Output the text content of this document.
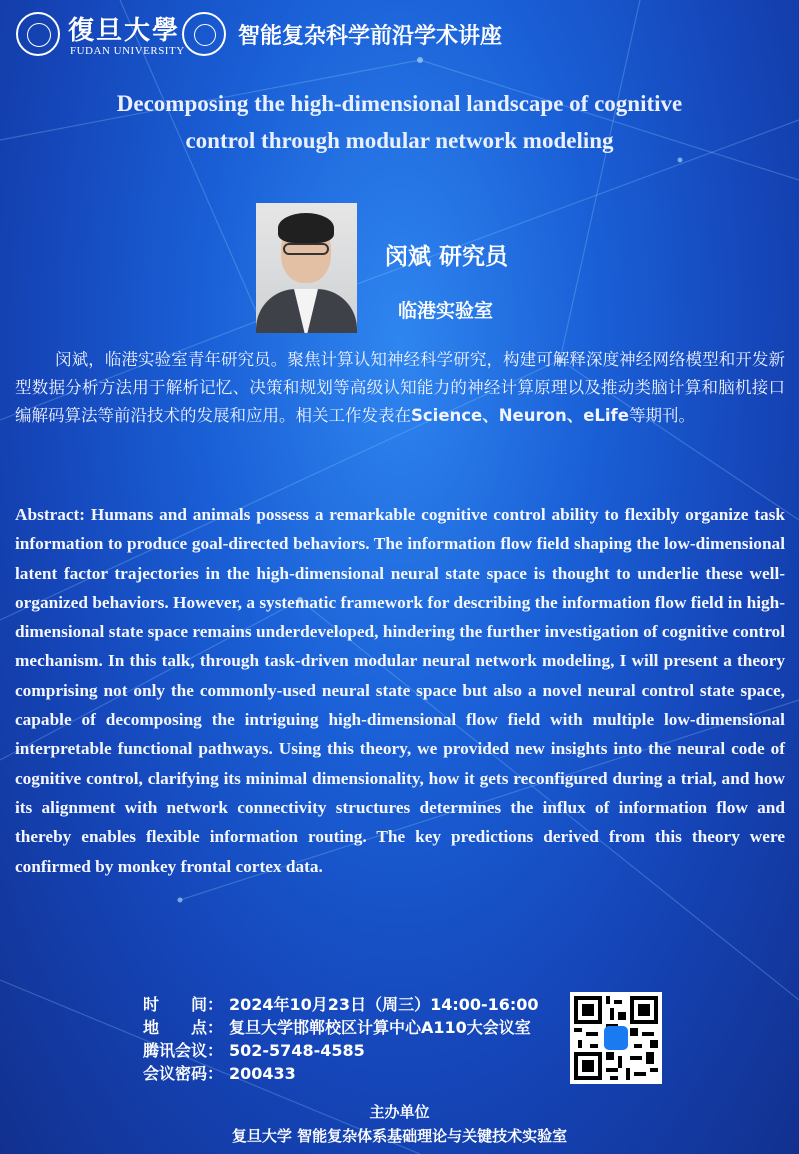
復旦大學
FUDAN UNIVERSITY
智能复杂科学前沿学术讲座
Decomposing the high-dimensional landscape of cognitive
control through modular network modeling
闵斌 研究员
临港实验室
闵斌，临港实验室青年研究员。聚焦计算认知神经科学研究，构建可解释深度神经网络模型和开发新型数据分析方法用于解析记忆、决策和规划等高级认知能力的神经计算原理以及推动类脑计算和脑机接口编解码算法等前沿技术的发展和应用。相关工作发表在Science、Neuron、eLife等期刊。
Abstract: Humans and animals possess a remarkable cognitive control ability to flexibly organize task information to produce goal-directed behaviors. The information flow field shaping the low-dimensional latent factor trajectories in the high-dimensional neural state space is thought to underlie these well-organized behaviors. However, a systematic framework for describing the information flow field in high-dimensional state space remains underdeveloped, hindering the further investigation of cognitive control mechanism. In this talk, through task-driven modular neural network modeling, I will present a theory comprising not only the commonly-used neural state space but also a novel neural control state space, capable of decomposing the intriguing high-dimensional flow field with multiple low-dimensional interpretable functional pathways. Using this theory, we provided new insights into the neural code of cognitive control, clarifying its minimal dimensionality, how it gets reconfigured during a trial, and how its alignment with network connectivity structures determines the influx of information flow and thereby enables flexible information routing. The key predictions derived from this theory were confirmed by monkey frontal cortex data.
时　　间： 2024年10月23日（周三）14:00-16:00
地　　点： 复旦大学邯郸校区计算中心A110大会议室
腾讯会议： 502-5748-4585
会议密码： 200433
主办单位
复旦大学 智能复杂体系基础理论与关键技术实验室
